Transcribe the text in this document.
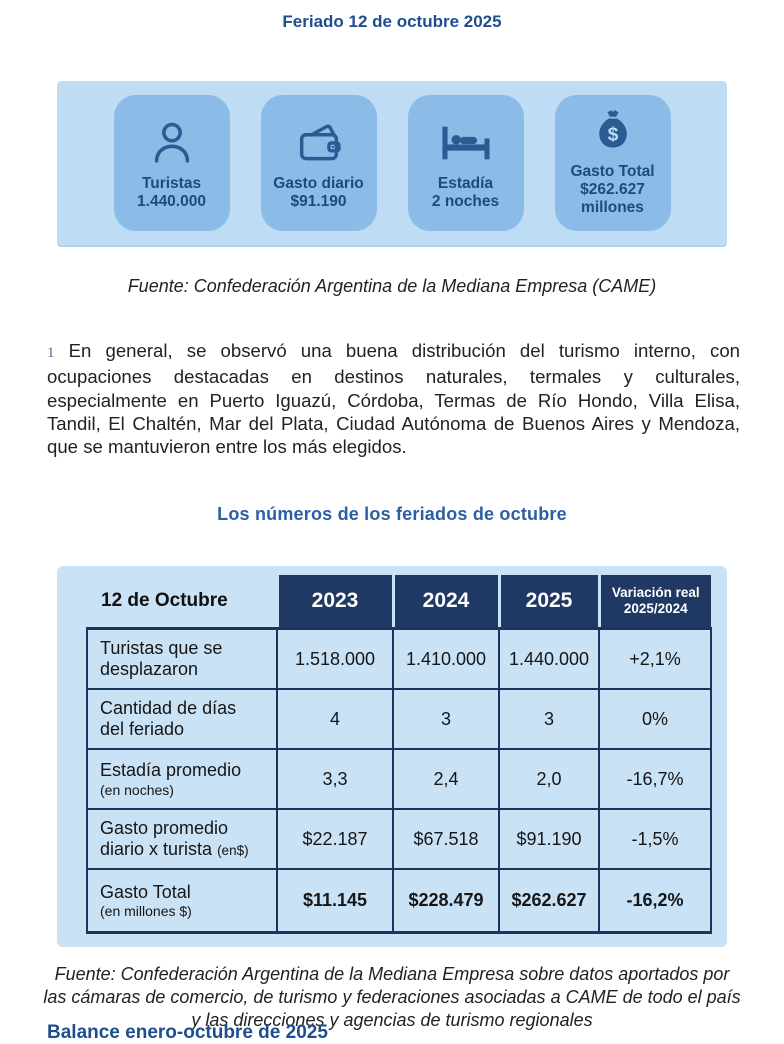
Feriado 12 de octubre 2025
Turistas
1.440.000
Gasto diario
$91.190
Estadía
2 noches
$
Gasto Total
$262.627
millones
Fuente: Confederación Argentina de la Mediana Empresa (CAME)
1 En general, se observó una buena distribución del turismo interno, con ocupaciones destacadas en destinos naturales, termales y culturales, especialmente en Puerto Iguazú, Córdoba, Termas de Río Hondo, Villa Elisa, Tandil, El Chaltén, Mar del Plata, Ciudad Autónoma de Buenos Aires y Mendoza, que se mantuvieron entre los más elegidos.
Los números de los feriados de octubre
12 de Octubre	2023	2024	2025	Variación real
2025/2024
Turistas que se desplazaron	1.518.000	1.410.000	1.440.000	+2,1%
Cantidad de días del feriado	4	3	3	0%
Estadía promedio
(en noches)	3,3	2,4	2,0	-16,7%
Gasto promedio diario x turista (en$)	$22.187	$67.518	$91.190	-1,5%
Gasto Total
(en millones $)	$11.145	$228.479	$262.627	-16,2%
Fuente: Confederación Argentina de la Mediana Empresa sobre datos aportados por las cámaras de comercio, de turismo y federaciones asociadas a CAME de todo el país y las direcciones y agencias de turismo regionales
Balance enero-octubre de 2025
